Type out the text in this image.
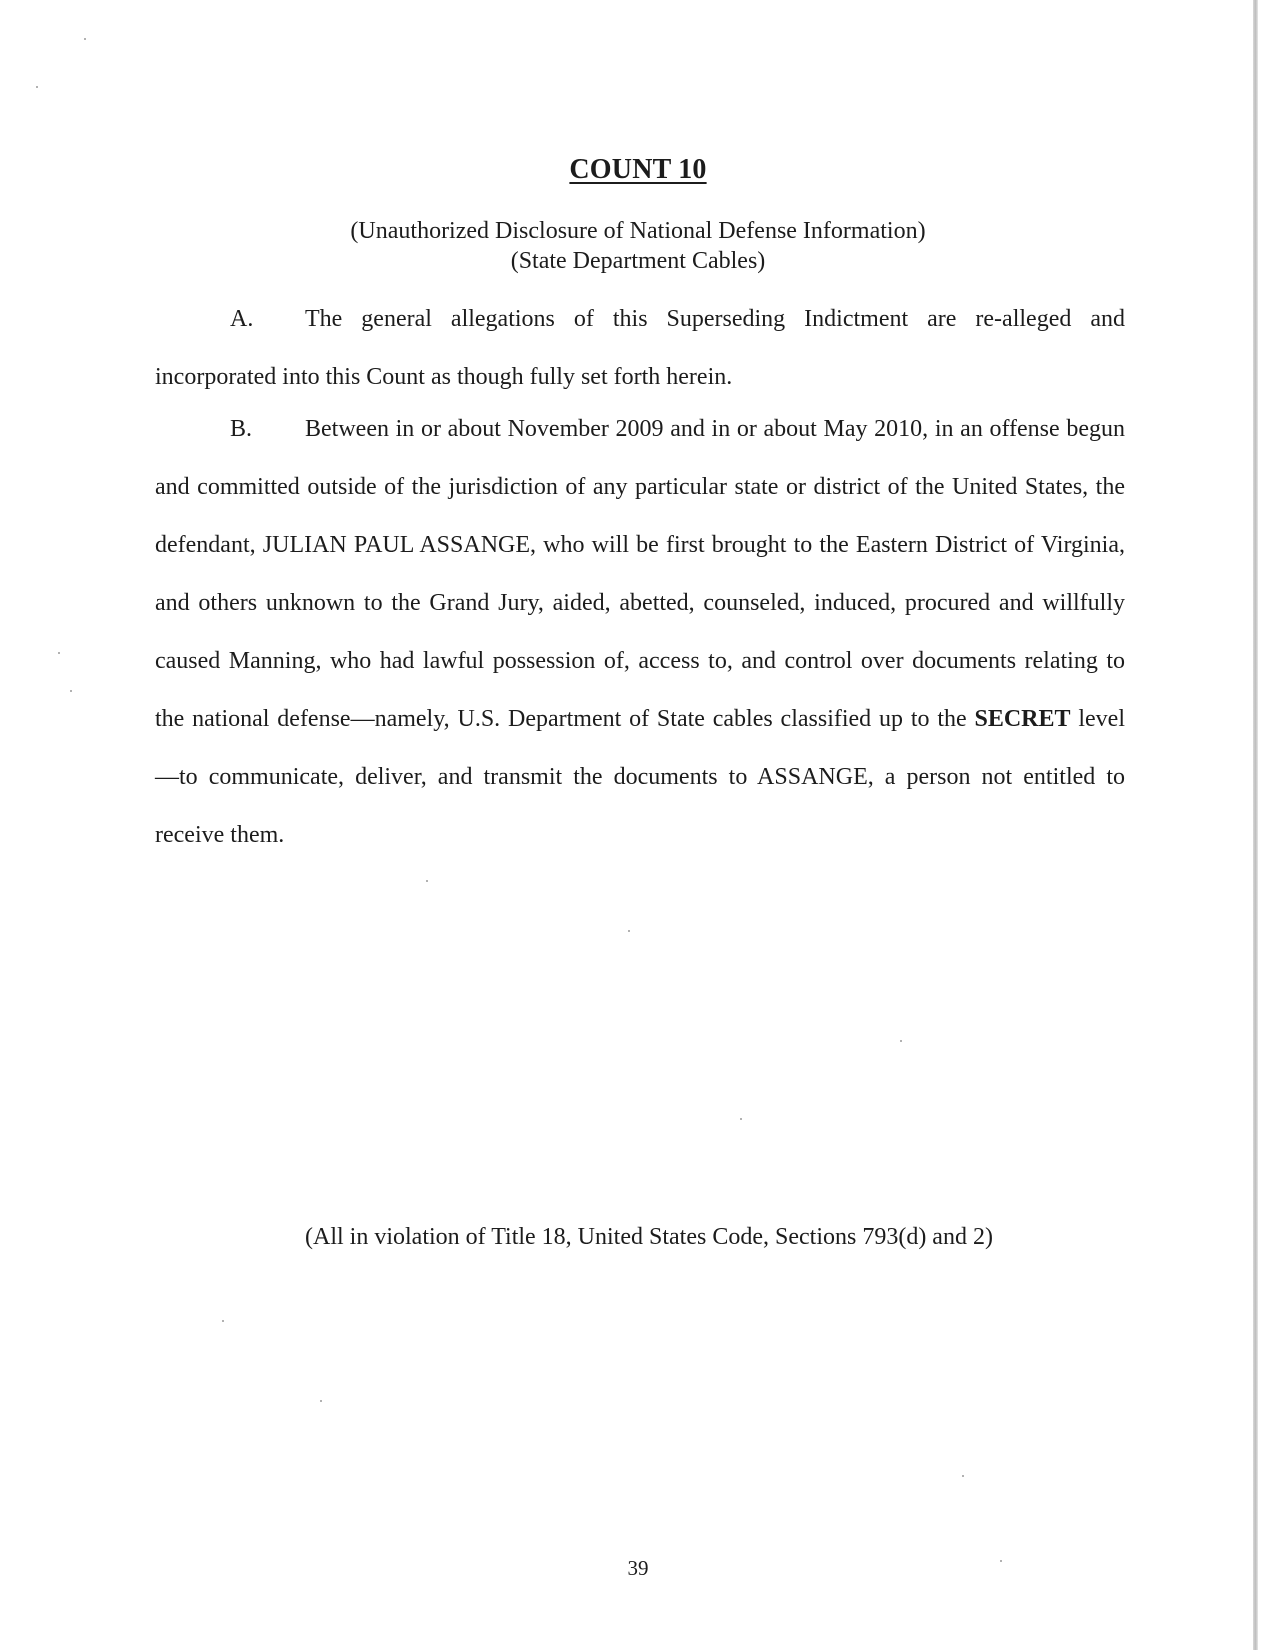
COUNT 10
(Unauthorized Disclosure of National Defense Information)
(State Department Cables)
A. The general allegations of this Superseding Indictment are re-alleged and incorporated into this Count as though fully set forth herein.
B. Between in or about November 2009 and in or about May 2010, in an offense begun and committed outside of the jurisdiction of any particular state or district of the United States, the defendant, JULIAN PAUL ASSANGE, who will be first brought to the Eastern District of Virginia, and others unknown to the Grand Jury, aided, abetted, counseled, induced, procured and willfully caused Manning, who had lawful possession of, access to, and control over documents relating to the national defense—namely, U.S. Department of State cables classified up to the SECRET level—to communicate, deliver, and transmit the documents to ASSANGE, a person not entitled to receive them.
(All in violation of Title 18, United States Code, Sections 793(d) and 2)
39
